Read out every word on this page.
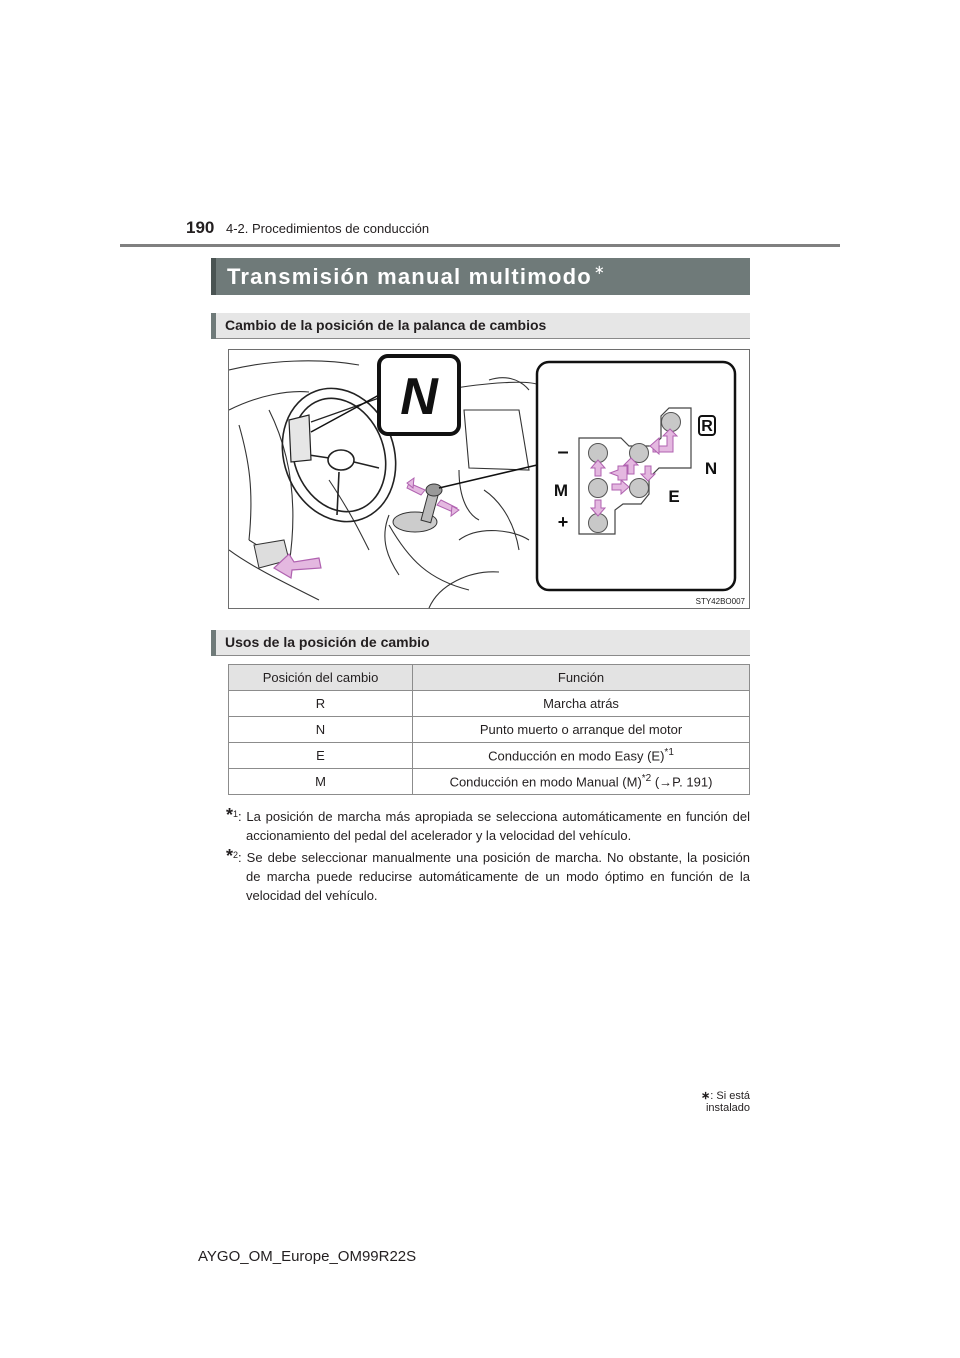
190 4-2. Procedimientos de conducción
Transmisión manual multimodo ∗
Cambio de la posición de la palanca de cambios
N
R
N
E
M
–
+
STY42BO007
Usos de la posición de cambio
Posición del cambio	Función
R	Marcha atrás
N	Punto muerto o arranque del motor
E	Conducción en modo Easy $(E)^{*1}$
M	Conducción en modo Manual $(M)^{*2}$ (→P. 191)
*$^1$: La posición de marcha más apropiada se selecciona automáticamente en función del accionamiento del pedal del acelerador y la velocidad del vehículo.
*$^2$: Se debe seleccionar manualmente una posición de marcha. No obstante, la posición de marcha puede reducirse automáticamente de un modo óptimo en función de la velocidad del vehículo.
∗: Si está instalado
AYGO_OM_Europe_OM99R22S
